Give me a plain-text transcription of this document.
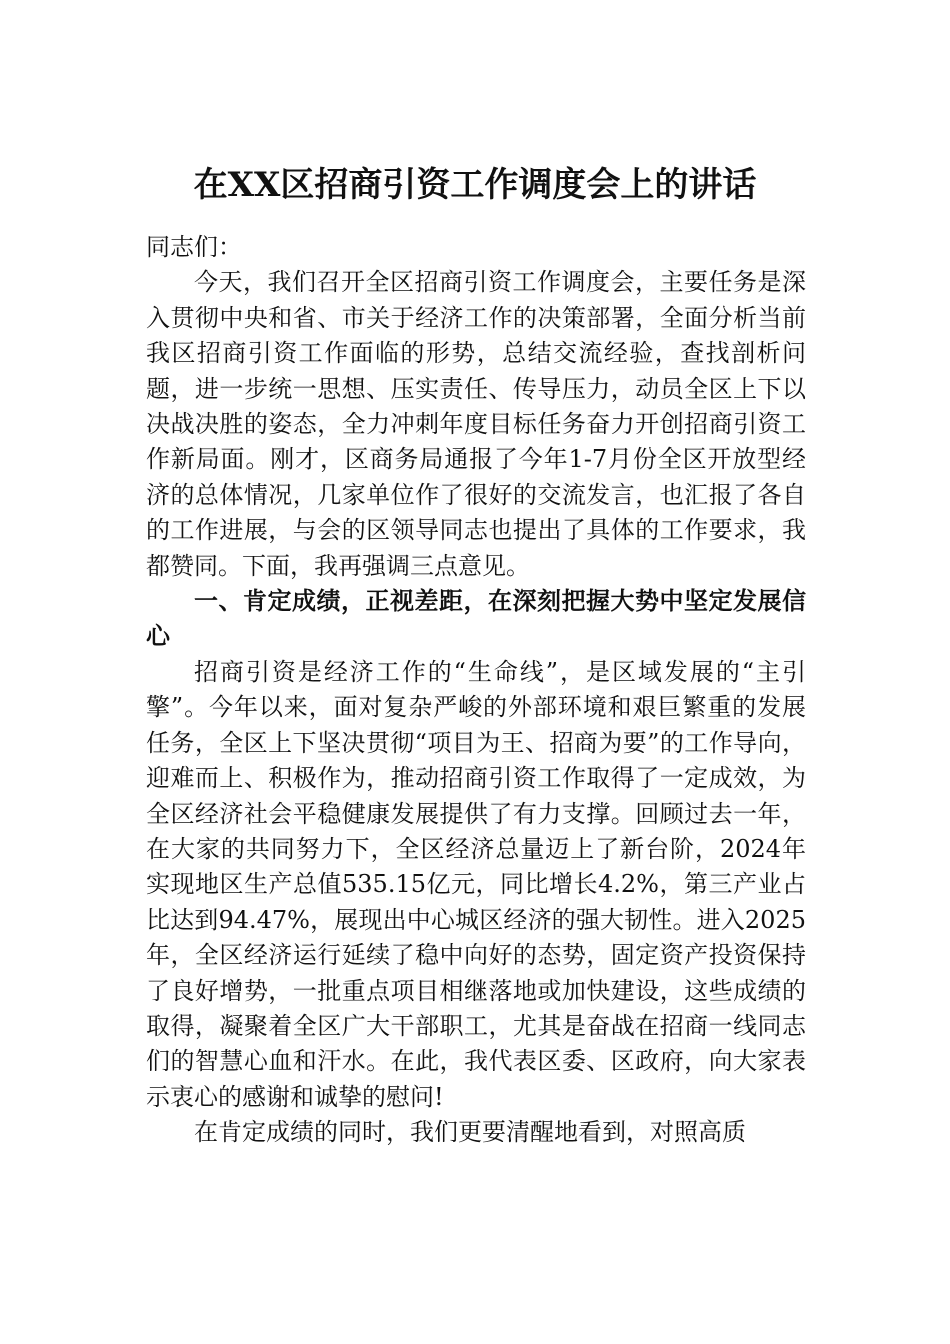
在XX区招商引资工作调度会上的讲话

同志们：

今天，我们召开全区招商引资工作调度会，主要任务是深入贯彻中央和省、市关于经济工作的决策部署，全面分析当前我区招商引资工作面临的形势，总结交流经验，查找剖析问题，进一步统一思想、压实责任、传导压力，动员全区上下以决战决胜的姿态，全力冲刺年度目标任务奋力开创招商引资工作新局面。刚才，区商务局通报了今年1-7月份全区开放型经济的总体情况，几家单位作了很好的交流发言，也汇报了各自的工作进展，与会的区领导同志也提出了具体的工作要求，我都赞同。下面，我再强调三点意见。

一、肯定成绩，正视差距，在深刻把握大势中坚定发展信心

招商引资是经济工作的“生命线”，是区域发展的“主引擎”。今年以来，面对复杂严峻的外部环境和艰巨繁重的发展任务，全区上下坚决贯彻“项目为王、招商为要”的工作导向，迎难而上、积极作为，推动招商引资工作取得了一定成效，为全区经济社会平稳健康发展提供了有力支撑。回顾过去一年，在大家的共同努力下，全区经济总量迈上了新台阶，2024年实现地区生产总值535.15亿元，同比增长4.2%，第三产业占比达到94.47%，展现出中心城区经济的强大韧性。进入2025年，全区经济运行延续了稳中向好的态势，固定资产投资保持了良好增势，一批重点项目相继落地或加快建设，这些成绩的取得，凝聚着全区广大干部职工，尤其是奋战在招商一线同志们的智慧心血和汗水。在此，我代表区委、区政府，向大家表示衷心的感谢和诚挚的慰问!

在肯定成绩的同时，我们更要清醒地看到，对照高质
